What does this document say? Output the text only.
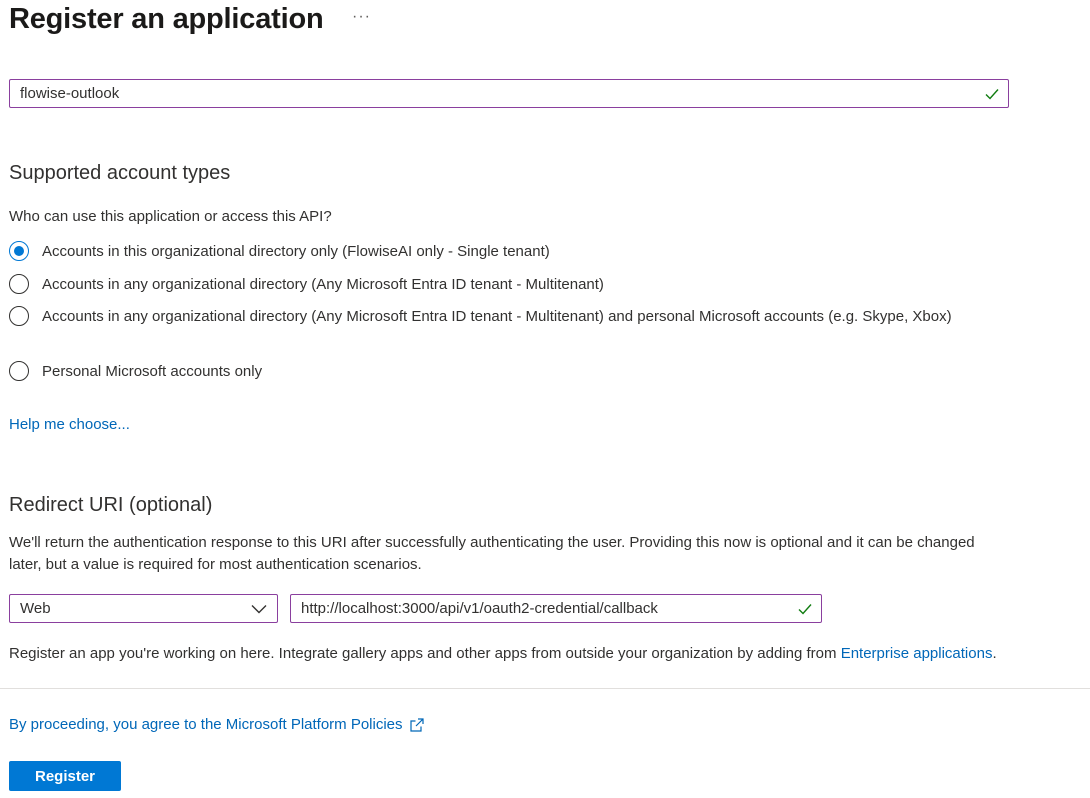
Register an application ···
flowise-outlook
Supported account types
Who can use this application or access this API?
Accounts in this organizational directory only (FlowiseAI only - Single tenant)
Accounts in any organizational directory (Any Microsoft Entra ID tenant - Multitenant)
Accounts in any organizational directory (Any Microsoft Entra ID tenant - Multitenant) and personal Microsoft accounts (e.g. Skype, Xbox)
Personal Microsoft accounts only
Help me choose...
Redirect URI (optional)
We'll return the authentication response to this URI after successfully authenticating the user. Providing this now is optional and it can be changed later, but a value is required for most authentication scenarios.
Web	http://localhost:3000/api/v1/oauth2-credential/callback
Register an app you're working on here. Integrate gallery apps and other apps from outside your organization by adding from Enterprise applications.
By proceeding, you agree to the Microsoft Platform Policies
Register
